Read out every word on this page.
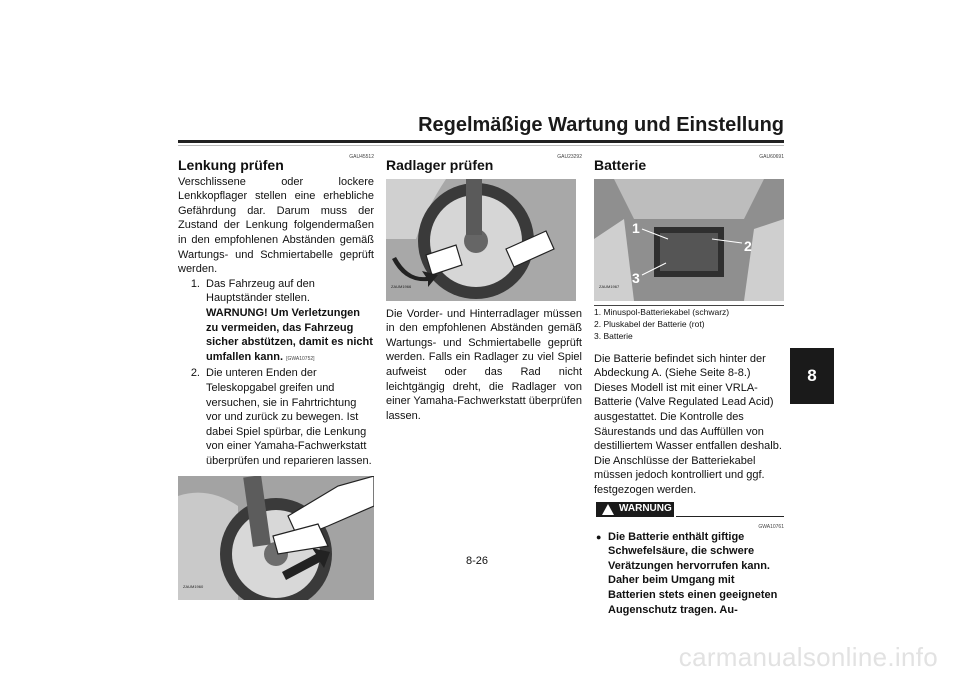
Regelmäßige Wartung und Einstellung
8
GAU45512
Lenkung prüfen

Verschlissene oder lockere Lenkkopflager stellen eine erhebliche Gefährdung dar. Darum muss der Zustand der Lenkung folgendermaßen in den empfohlenen Abständen gemäß Wartungs- und Schmiertabelle geprüft werden.

1. Das Fahrzeug auf den Hauptständer stellen. WARNUNG! Um Verletzungen zu vermeiden, das Fahrzeug sicher abstützen, damit es nicht umfallen kann. [GWA10752]
2. Die unteren Enden der Teleskopgabel greifen und versuchen, sie in Fahrtrichtung vor und zurück zu bewegen. Ist dabei Spiel spürbar, die Lenkung von einer Yamaha-Fachwerkstatt überprüfen und reparieren lassen.
ZAUM1960
GAU23292
Radlager prüfen
ZAUM1966

Die Vorder- und Hinterradlager müssen in den empfohlenen Abständen gemäß Wartungs- und Schmiertabelle geprüft werden. Falls ein Radlager zu viel Spiel aufweist oder das Rad nicht leichtgängig dreht, die Radlager von einer Yamaha-Fachwerkstatt überprüfen lassen.

GAU60691
Batterie
1
2
3
ZAUM1967
1. Minuspol-Batteriekabel (schwarz)
2. Pluskabel der Batterie (rot)
3. Batterie

Die Batterie befindet sich hinter der Abdeckung A. (Siehe Seite 8-8.) Dieses Modell ist mit einer VRLA-Batterie (Valve Regulated Lead Acid) ausgestattet. Die Kontrolle des Säurestands und das Auffüllen von destilliertem Wasser entfallen deshalb. Die Anschlüsse der Batteriekabel müssen jedoch kontrolliert und ggf. festgezogen werden.

WARNUNG
GWA10761
● Die Batterie enthält giftige Schwefelsäure, die schwere Verätzungen hervorrufen kann. Daher beim Umgang mit Batterien stets einen geeigneten Augenschutz tragen. Au-
8-26
carmanualsonline.info
